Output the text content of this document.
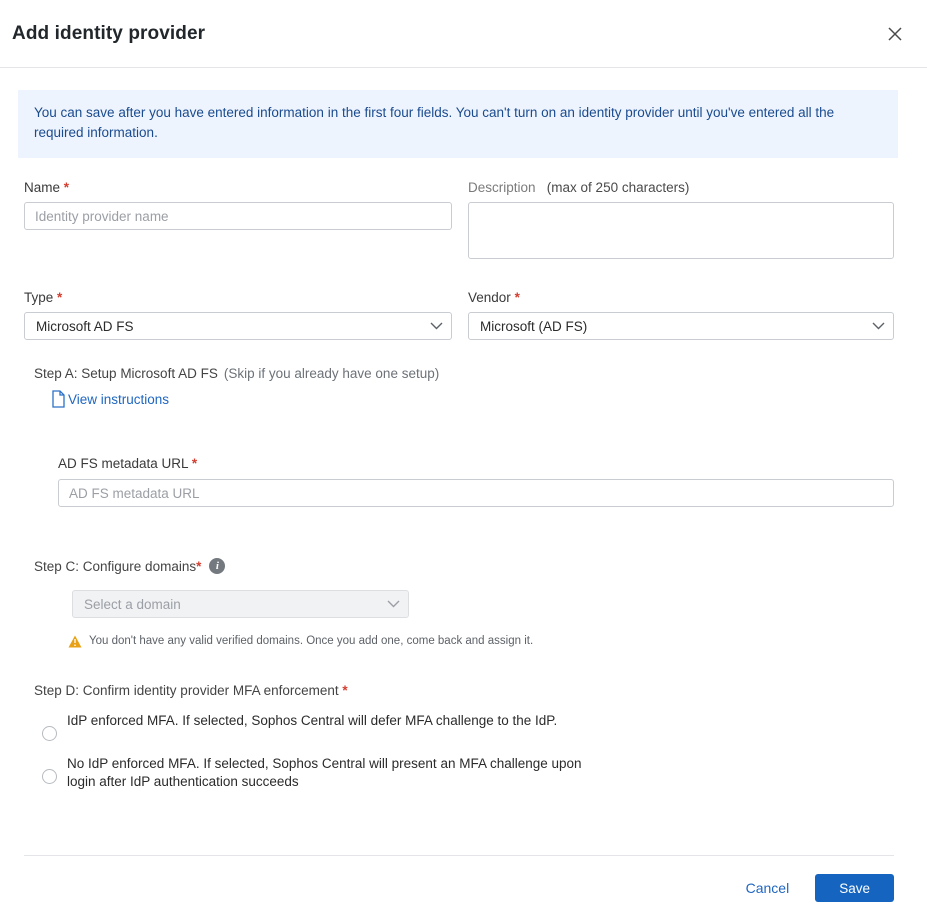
Add identity provider
You can save after you have entered information in the first four fields. You can't turn on an identity provider until you've entered all the required information.
Name *
Identity provider name	Description (max of 250 characters)
Type *
Microsoft AD FS
Vendor *
Microsoft (AD FS)
Step A: Setup Microsoft AD FS (Skip if you already have one setup)
View instructions
AD FS metadata URL *
AD FS metadata URL
Step C: Configure domains *	i
Select a domain
You don't have any valid verified domains. Once you add one, come back and assign it.
Step D: Confirm identity provider MFA enforcement *
IdP enforced MFA. If selected, Sophos Central will defer MFA challenge to the IdP.
No IdP enforced MFA. If selected, Sophos Central will present an MFA challenge upon login after IdP authentication succeeds
Cancel	Save
